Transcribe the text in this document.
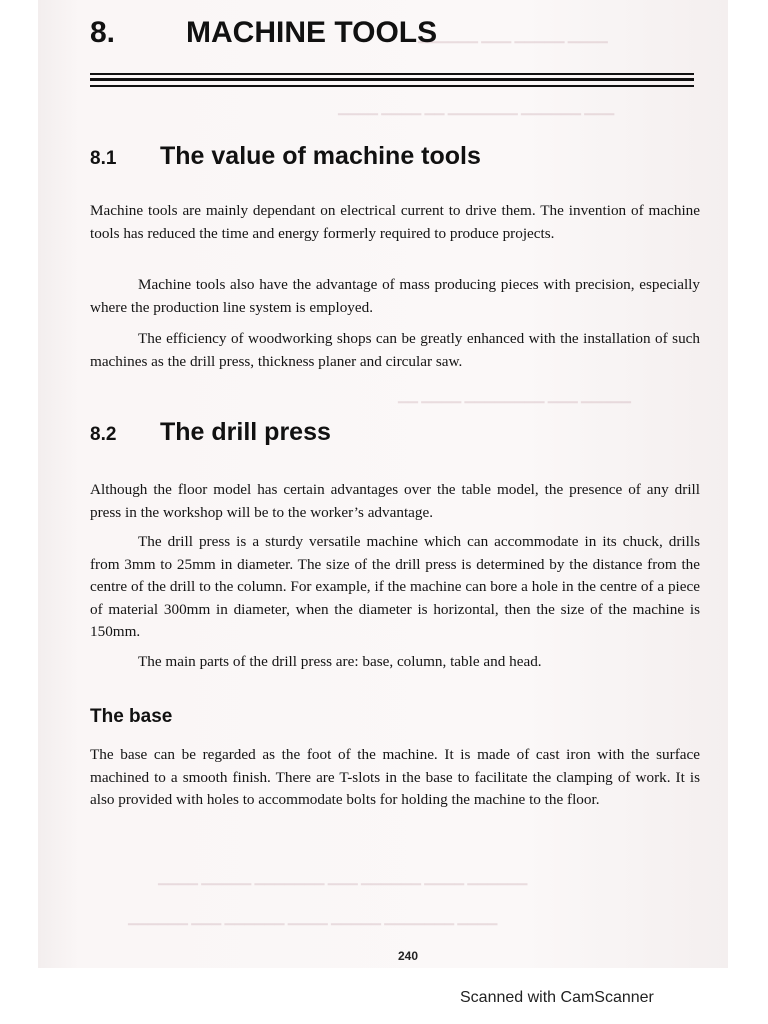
▁▁▁▁ ▁▁▁▁▁ ▁▁▁ ▁▁▁▁▁▁
▁▁▁ ▁▁▁▁▁▁ ▁▁▁▁▁▁▁ ▁▁ ▁▁▁▁ ▁▁▁▁
▁▁▁▁▁ ▁▁▁ ▁▁▁▁▁▁▁▁ ▁▁▁▁ ▁▁
▁▁▁▁▁▁ ▁▁▁▁ ▁▁▁▁▁▁ ▁▁▁ ▁▁▁▁▁▁▁ ▁▁▁▁▁ ▁▁▁▁
▁▁▁▁ ▁▁▁▁▁▁▁ ▁▁▁▁▁ ▁▁▁▁ ▁▁▁▁▁▁ ▁▁▁ ▁▁▁▁▁▁
8. MACHINE TOOLS
8.1 The value of machine tools

Machine tools are mainly dependant on electrical current to drive them. The invention of machine tools has reduced the time and energy formerly required to produce projects.

Machine tools also have the advantage of mass producing pieces with precision, especially where the production line system is employed.

The efficiency of woodworking shops can be greatly enhanced with the installation of such machines as the drill press, thickness planer and circular saw.

8.2 The drill press

Although the floor model has certain advantages over the table model, the presence of any drill press in the workshop will be to the worker’s advantage.

The drill press is a sturdy versatile machine which can accommodate in its chuck, drills from 3mm to 25mm in diameter. The size of the drill press is determined by the distance from the centre of the drill to the column. For example, if the machine can bore a hole in the centre of a piece of material 300mm in diameter, when the diameter is horizontal, then the size of the machine is 150mm.

The main parts of the drill press are: base, column, table and head.

The base

The base can be regarded as the foot of the machine. It is made of cast iron with the surface machined to a smooth finish. There are T-slots in the base to facilitate the clamping of work. It is also provided with holes to accommodate bolts for holding the machine to the floor.

240
Scanned with CamScanner
